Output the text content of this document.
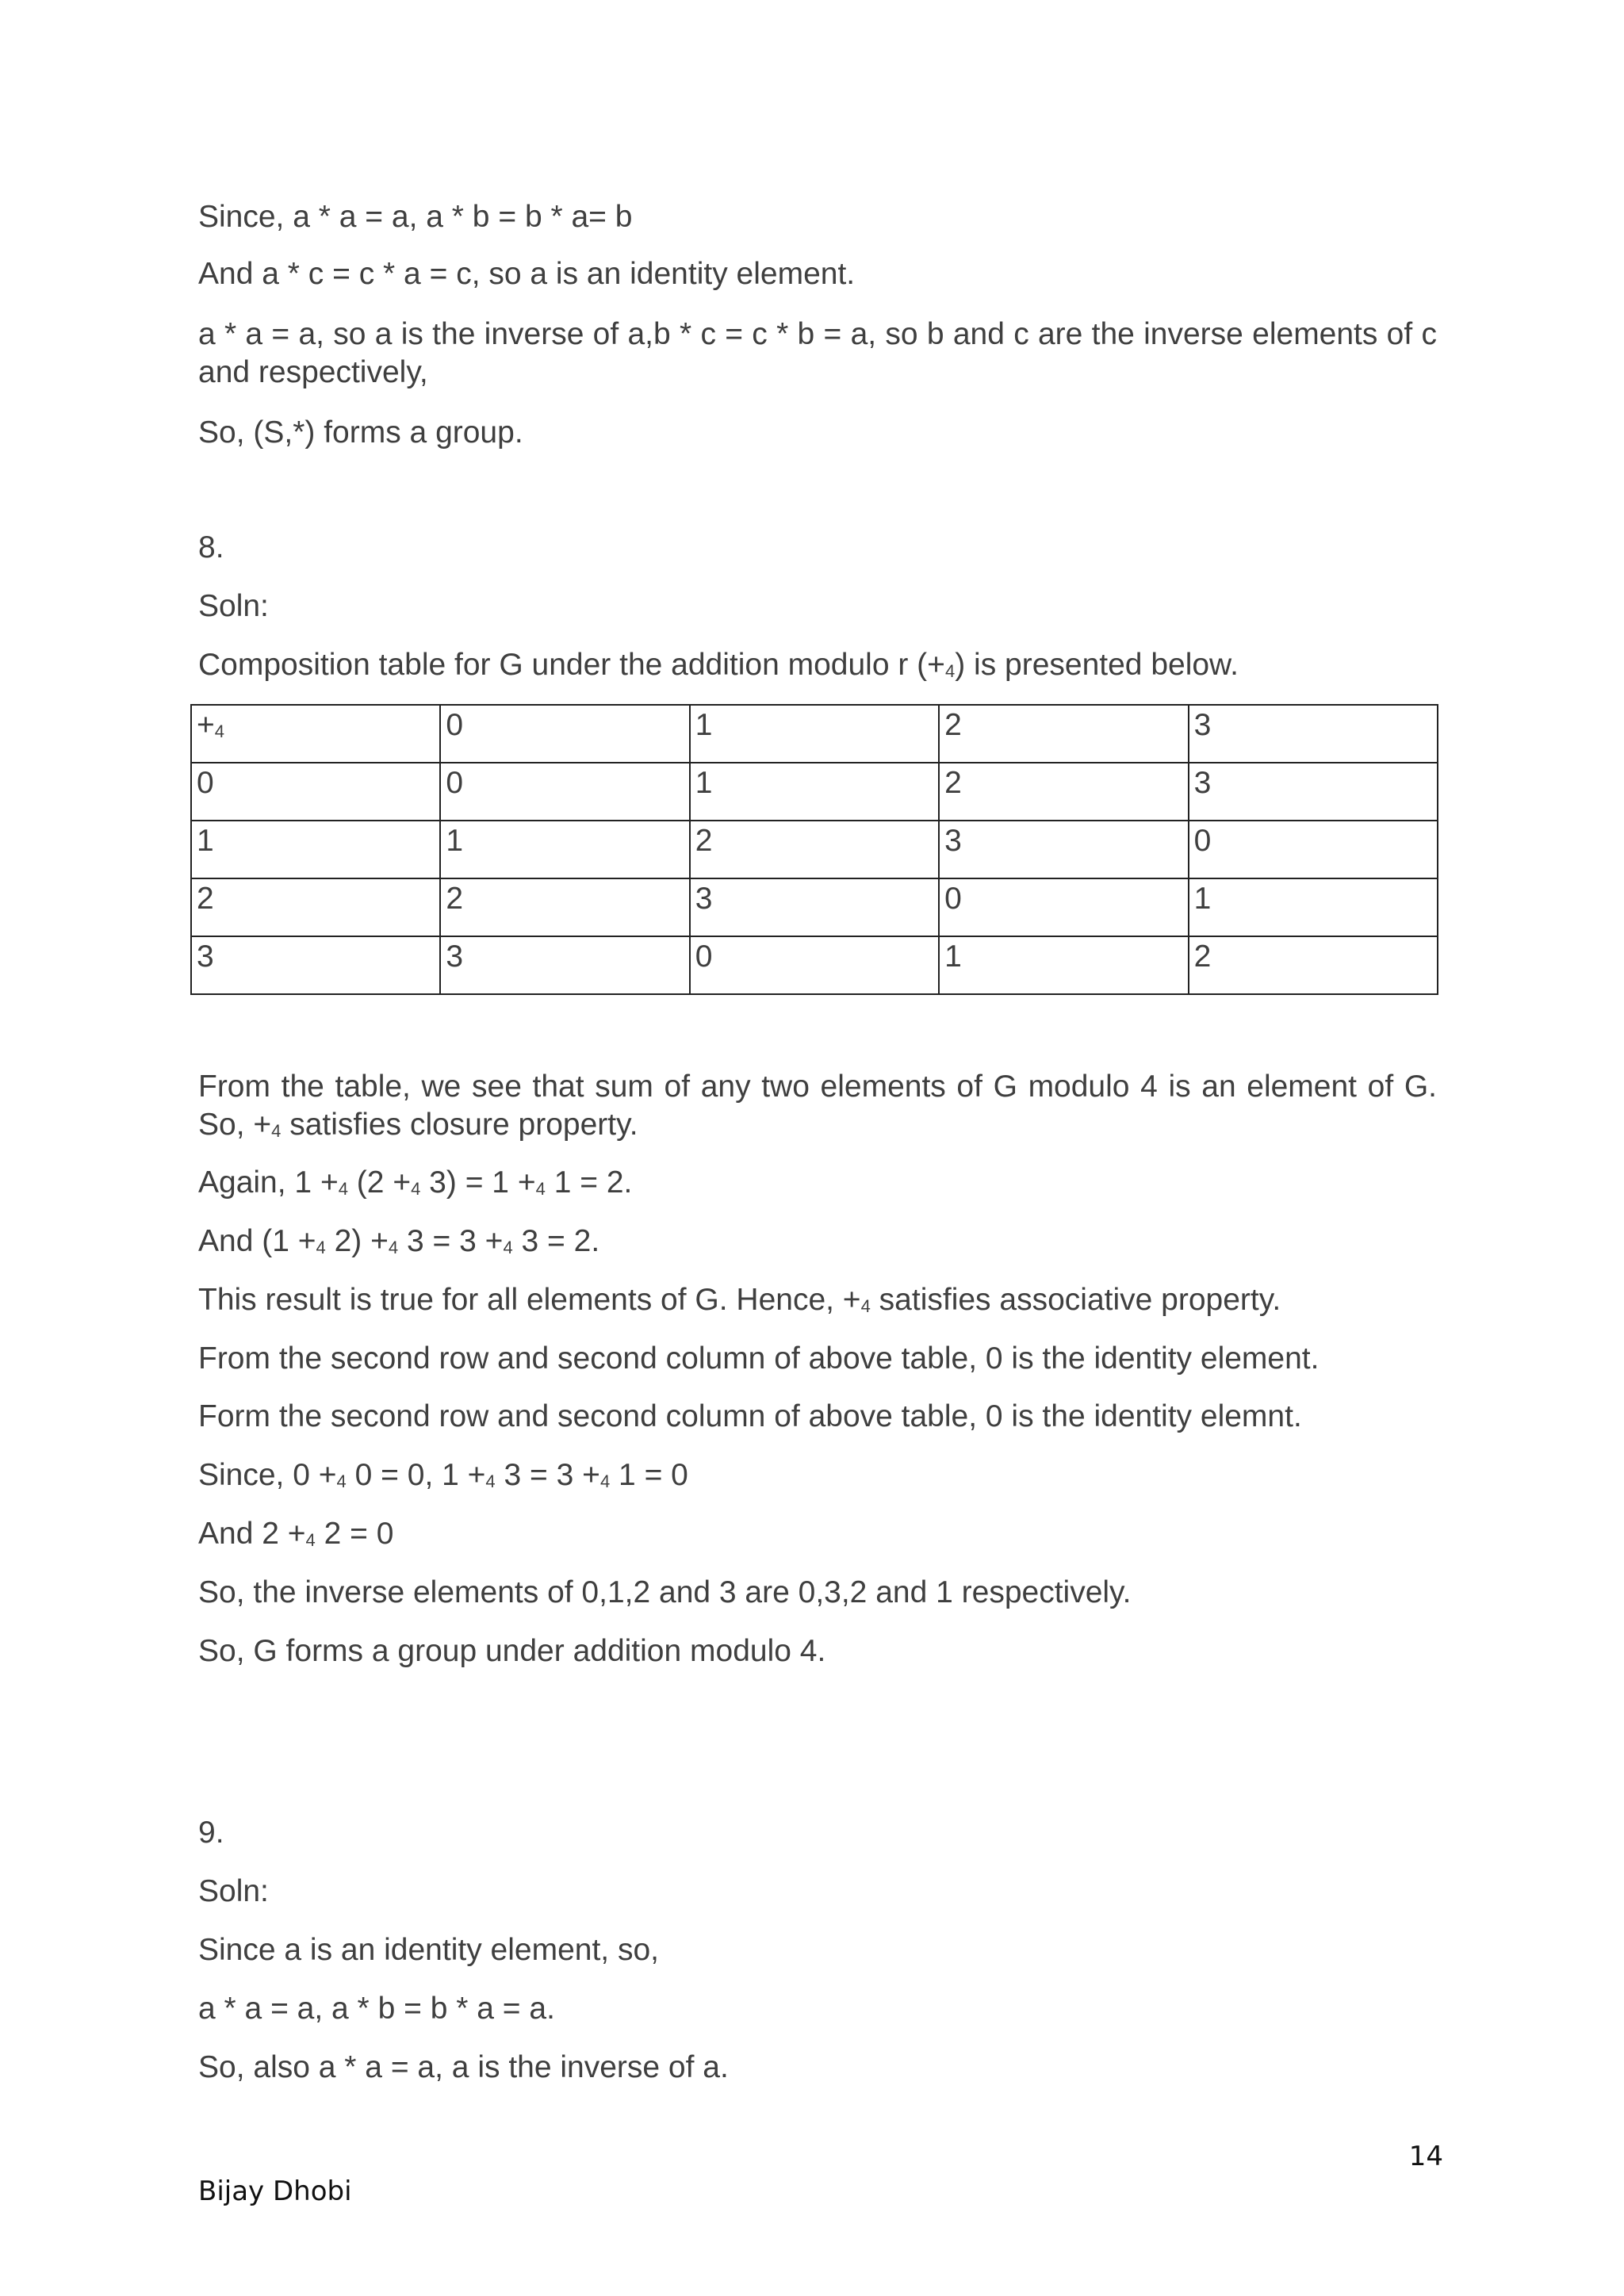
Since, a * a = a, a * b = b * a= b

And a * c = c * a = c, so a is an identity element.

a * a = a, so a is the inverse of a,b * c = c * b = a, so b and c are the inverse elements of c and respectively,

So, (S,*) forms a group.

8.

Soln:

Composition table for G under the addition modulo r $(+_4)$ is presented below.

$+_4$	0	1	2	3
0	0	1	2	3
1	1	2	3	0
2	2	3	0	1
3	3	0	1	2

From the table, we see that sum of any two elements of G modulo 4 is an element of G. So, $+_4$ satisfies closure property.

Again, $1 +_4$ ($2 +_4$ $3) = 1 +_4$ 1 = 2.

And ($1 +_4$ $2) +_4$ $3 = 3 +_4$ 3 = 2.

This result is true for all elements of G. Hence, $+_4$ satisfies associative property.

From the second row and second column of above table, 0 is the identity element.

Form the second row and second column of above table, 0 is the identity elemnt.

Since, $0 +_4$ 0 = 0, $1 +_4$ $3 = 3 +_4$ 1 = 0

And $2 +_4$ 2 = 0

So, the inverse elements of 0,1,2 and 3 are 0,3,2 and 1 respectively.

So, G forms a group under addition modulo 4.

9.

Soln:

Since a is an identity element, so,

a * a = a, a * b = b * a = a.

So, also a * a = a, a is the inverse of a.

14
Bijay Dhobi
